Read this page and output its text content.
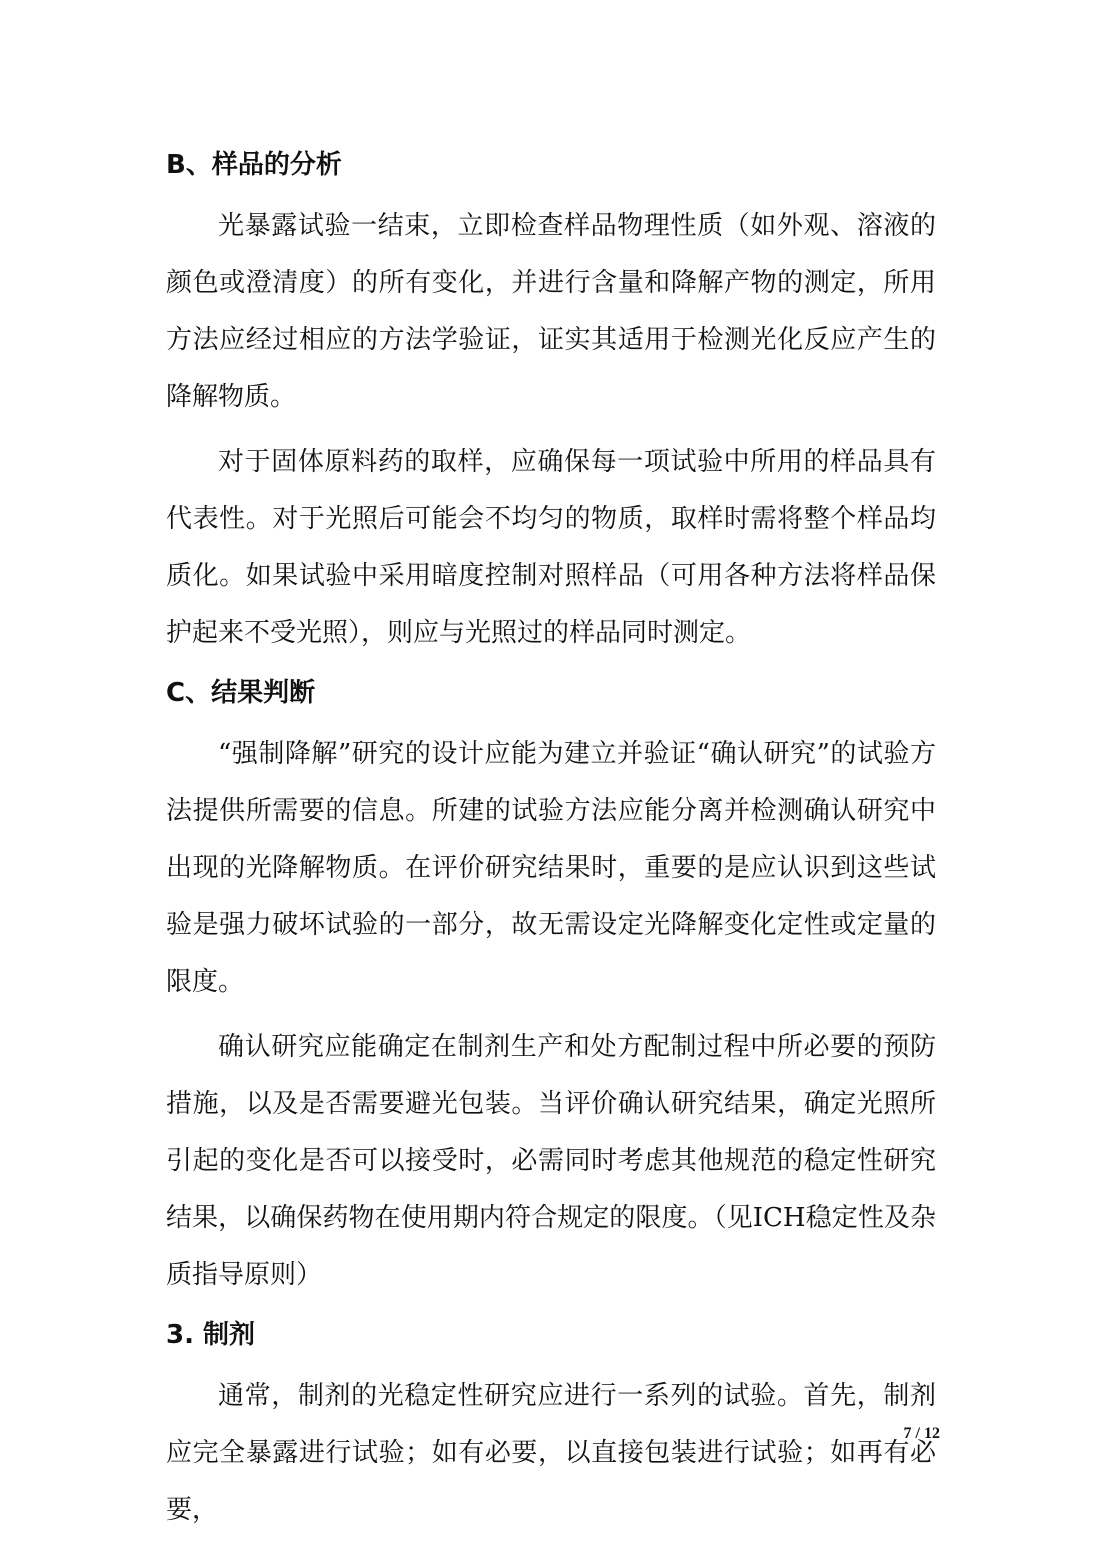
B、样品的分析

光暴露试验一结束，立即检查样品物理性质（如外观、溶液的颜色或澄清度）的所有变化，并进行含量和降解产物的测定，所用方法应经过相应的方法学验证，证实其适用于检测光化反应产生的降解物质。

对于固体原料药的取样，应确保每一项试验中所用的样品具有代表性。对于光照后可能会不均匀的物质，取样时需将整个样品均质化。如果试验中采用暗度控制对照样品（可用各种方法将样品保护起来不受光照），则应与光照过的样品同时测定。

C、结果判断

“强制降解”研究的设计应能为建立并验证“确认研究”的试验方法提供所需要的信息。所建的试验方法应能分离并检测确认研究中出现的光降解物质。在评价研究结果时，重要的是应认识到这些试验是强力破坏试验的一部分，故无需设定光降解变化定性或定量的限度。

确认研究应能确定在制剂生产和处方配制过程中所必要的预防措施，以及是否需要避光包装。当评价确认研究结果，确定光照所引起的变化是否可以接受时，必需同时考虑其他规范的稳定性研究结果，以确保药物在使用期内符合规定的限度。（见ICH稳定性及杂质指导原则）

3. 制剂

通常，制剂的光稳定性研究应进行一系列的试验。首先，制剂应完全暴露进行试验；如有必要，以直接包装进行试验；如再有必要，

7 / 12
